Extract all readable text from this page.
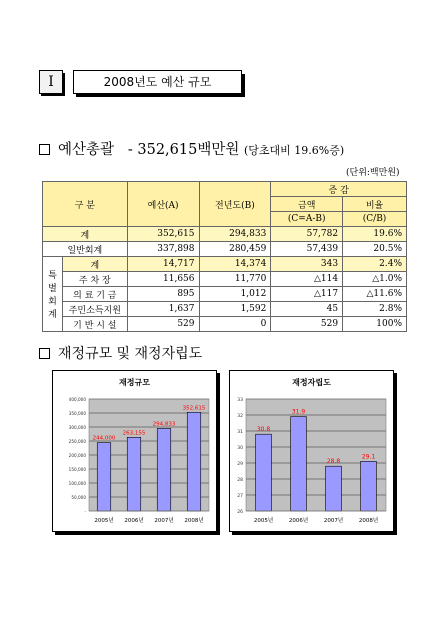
Ⅰ	2008년도 예산 규모
예산총괄 - 352,615백만원 (당초대비 19.6%증)
(단위:백만원)
구 분		예산(A)	전년도(B)	증 감	
				금액	비율
				(C=A-B)	(C/B)
계		352,615	294,833	57,782	19.6%
일반회계		337,898	280,459	57,439	20.5%
특별
회계	계	14,717	14,374	343	2.4%
	주 차 장	11,656	11,770	△114	△1.0%
	의 료 기 금	895	1,012	△117	△11.6%
	주민소득지원	1,637	1,592	45	2.8%
	기 반 시 설	529	0	529	100%
재정규모 및 재정자립도
재정규모
-
50,000
100,000
150,000
200,000
250,000
300,000
350,000
400,000
244,000
2005년
263,155
2006년
294,833
2007년
352,615
2008년
재정자립도
26
27
28
29
30
31
32
33
30.8
2005년
31.9
2006년
28.8
2007년
29.1
2008년
